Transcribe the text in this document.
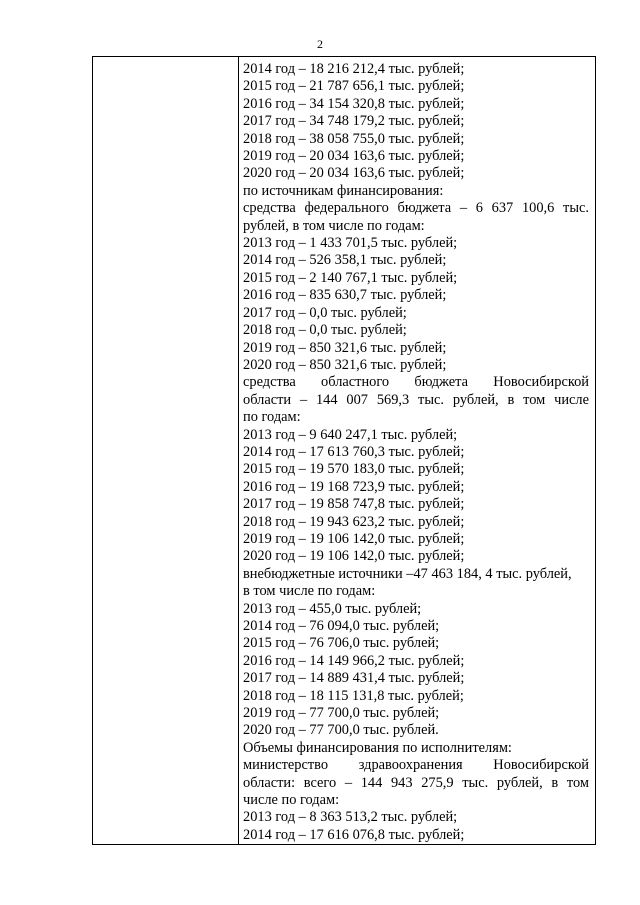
2
2014 год – 18 216 212,4 тыс. рублей;
2015 год – 21 787 656,1 тыс. рублей;
2016 год – 34 154 320,8 тыс. рублей;
2017 год – 34 748 179,2 тыс. рублей;
2018 год – 38 058 755,0 тыс. рублей;
2019 год – 20 034 163,6 тыс. рублей;
2020 год – 20 034 163,6 тыс. рублей;
по источникам финансирования:
средства федерального бюджета – 6 637 100,6 тыс.
рублей, в том числе по годам:
2013 год – 1 433 701,5 тыс. рублей;
2014 год – 526 358,1 тыс. рублей;
2015 год – 2 140 767,1 тыс. рублей;
2016 год – 835 630,7 тыс. рублей;
2017 год – 0,0 тыс. рублей;
2018 год – 0,0 тыс. рублей;
2019 год – 850 321,6 тыс. рублей;
2020 год – 850 321,6 тыс. рублей;
средства областного бюджета Новосибирской
области – 144 007 569,3 тыс. рублей, в том числе
по годам:
2013 год – 9 640 247,1 тыс. рублей;
2014 год – 17 613 760,3 тыс. рублей;
2015 год – 19 570 183,0 тыс. рублей;
2016 год – 19 168 723,9 тыс. рублей;
2017 год – 19 858 747,8 тыс. рублей;
2018 год – 19 943 623,2 тыс. рублей;
2019 год – 19 106 142,0 тыс. рублей;
2020 год – 19 106 142,0 тыс. рублей;
внебюджетные источники –47 463 184, 4 тыс. рублей,
в том числе по годам:
2013 год – 455,0 тыс. рублей;
2014 год – 76 094,0 тыс. рублей;
2015 год – 76 706,0 тыс. рублей;
2016 год – 14 149 966,2 тыс. рублей;
2017 год – 14 889 431,4 тыс. рублей;
2018 год – 18 115 131,8 тыс. рублей;
2019 год – 77 700,0 тыс. рублей;
2020 год – 77 700,0 тыс. рублей.
Объемы финансирования по исполнителям:
министерство здравоохранения Новосибирской
области: всего – 144 943 275,9 тыс. рублей, в том
числе по годам:
2013 год – 8 363 513,2 тыс. рублей;
2014 год – 17 616 076,8 тыс. рублей;
